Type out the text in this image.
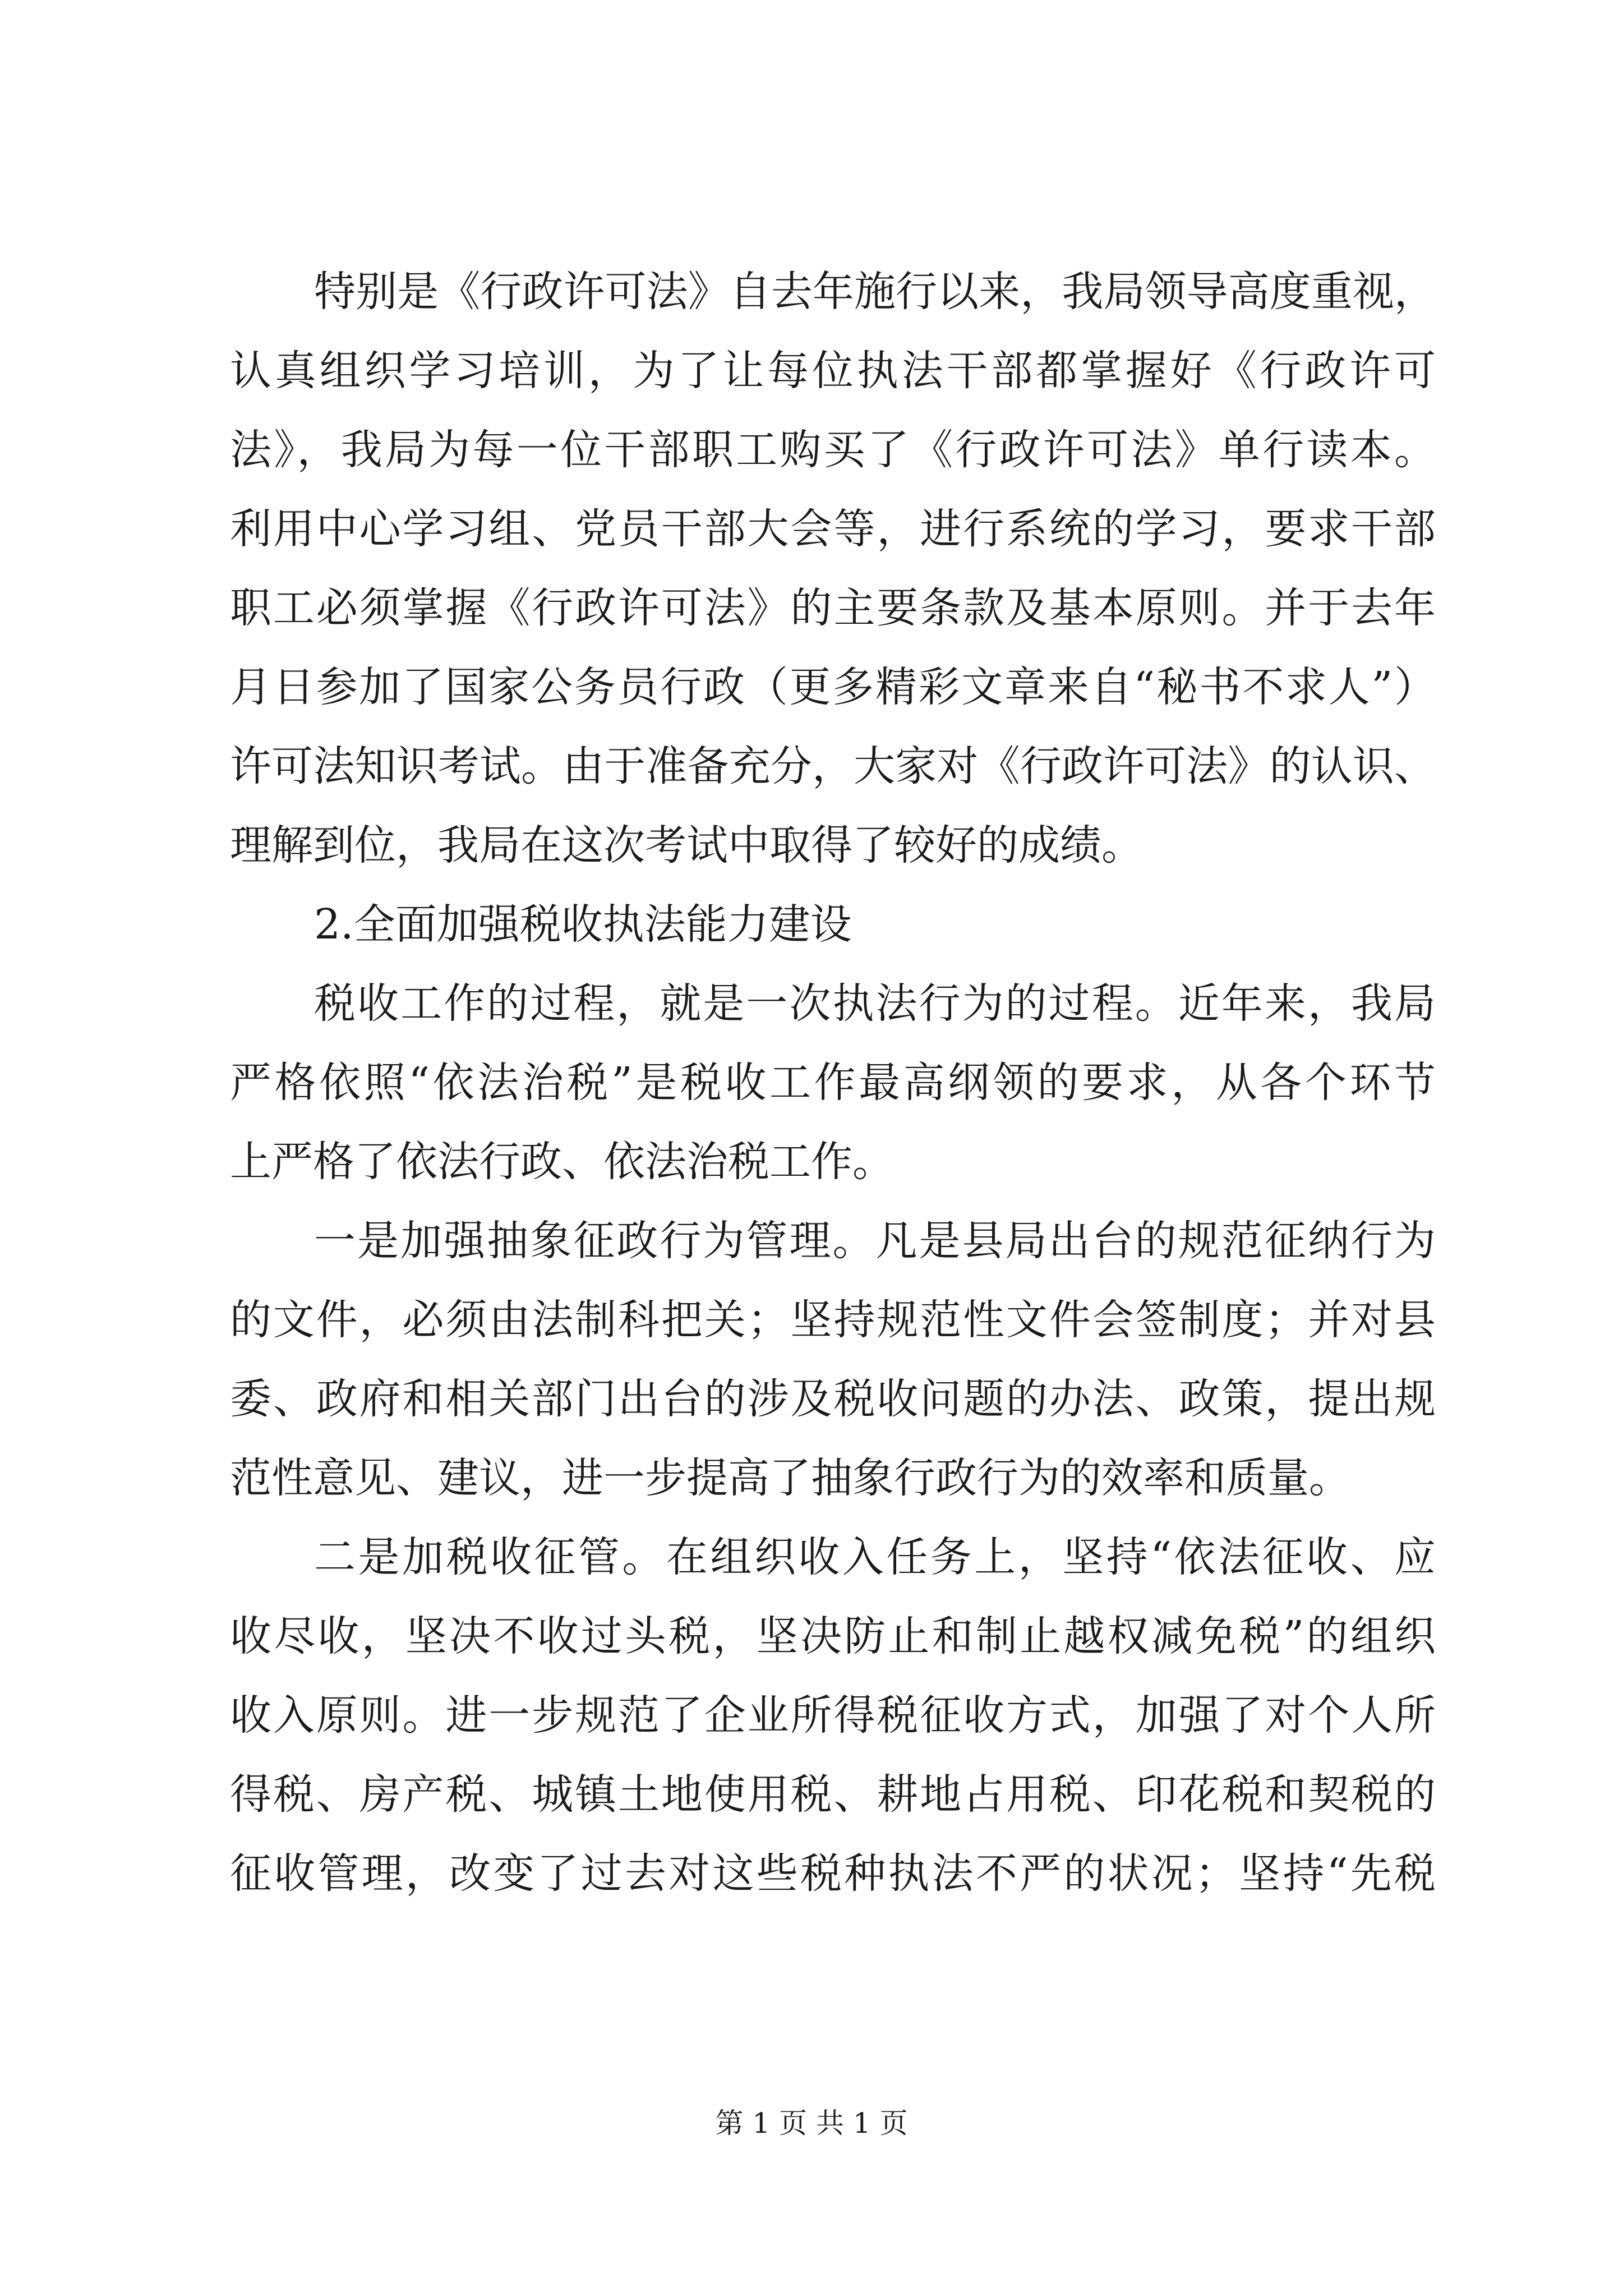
特别是《行政许可法》自去年施行以来，我局领导高度重视，
认真组织学习培训，为了让每位执法干部都掌握好《行政许可
法》，我局为每一位干部职工购买了《行政许可法》单行读本。
利用中心学习组、党员干部大会等，进行系统的学习，要求干部
职工必须掌握《行政许可法》的主要条款及基本原则。并于去年
月日参加了国家公务员行政（更多精彩文章来自“秘书不求人”）
许可法知识考试。由于准备充分，大家对《行政许可法》的认识、
理解到位，我局在这次考试中取得了较好的成绩。
2.全面加强税收执法能力建设
税收工作的过程，就是一次执法行为的过程。近年来，我局
严格依照“依法治税”是税收工作最高纲领的要求，从各个环节
上严格了依法行政、依法治税工作。
一是加强抽象征政行为管理。凡是县局出台的规范征纳行为
的文件，必须由法制科把关；坚持规范性文件会签制度；并对县
委、政府和相关部门出台的涉及税收问题的办法、政策，提出规
范性意见、建议，进一步提高了抽象行政行为的效率和质量。
二是加税收征管。在组织收入任务上，坚持“依法征收、应
收尽收，坚决不收过头税，坚决防止和制止越权减免税”的组织
收入原则。进一步规范了企业所得税征收方式，加强了对个人所
得税、房产税、城镇土地使用税、耕地占用税、印花税和契税的
征收管理，改变了过去对这些税种执法不严的状况；坚持“先税
第 1 页 共 1 页
